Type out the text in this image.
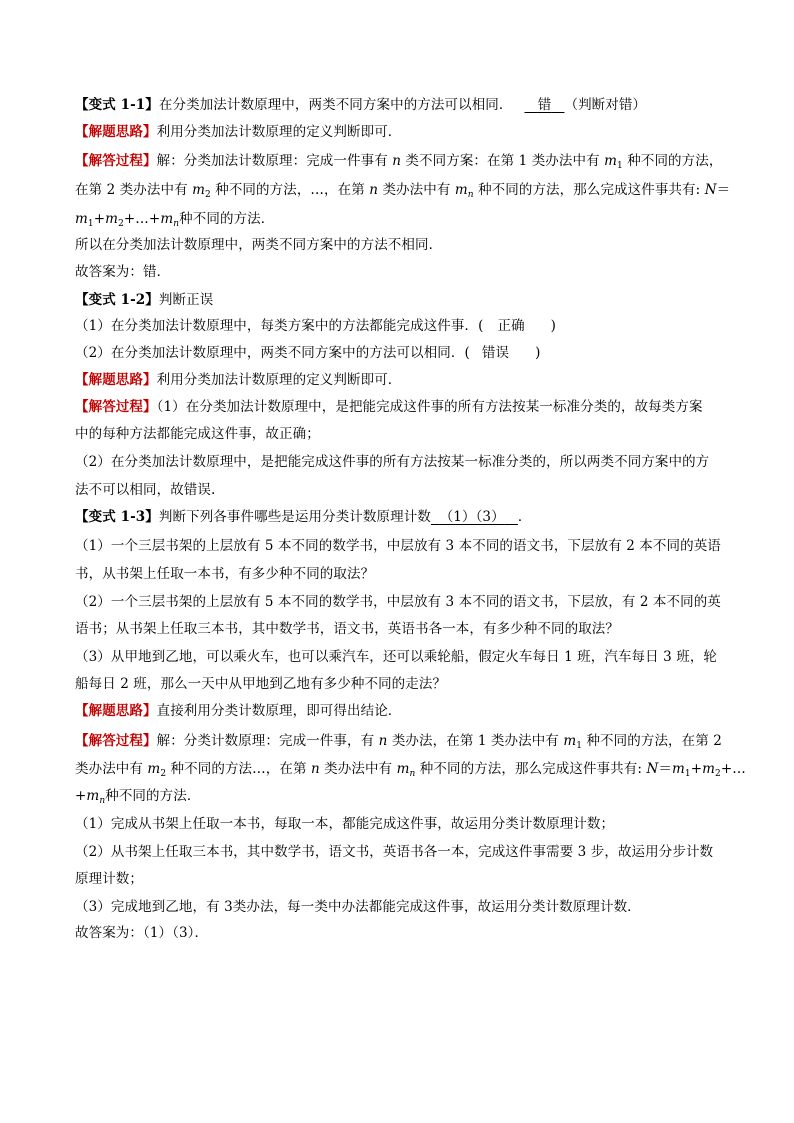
【变式 1-1】在分类加法计数原理中，两类不同方案中的方法可以相同． 错 （判断对错）
【解题思路】利用分类加法计数原理的定义判断即可．
【解答过程】解：分类加法计数原理：完成一件事有 n 类不同方案：在第 1 类办法中有 $m_1$ 种不同的方法，
在第 2 类办法中有 $m_2$ 种不同的方法，…，在第 n 类办法中有 $m_n$ 种不同的方法，那么完成这件事共有: N＝
$m_1+m_2+\dots+m_n$种不同的方法．
所以在分类加法计数原理中，两类不同方案中的方法不相同．
故答案为：错．
【变式 1-2】判断正误
（1）在分类加法计数原理中，每类方案中的方法都能完成这件事．( 正确 )
（2）在分类加法计数原理中，两类不同方案中的方法可以相同．( 错误 )
【解题思路】利用分类加法计数原理的定义判断即可．
【解答过程】（1）在分类加法计数原理中，是把能完成这件事的所有方法按某一标准分类的，故每类方案
中的每种方法都能完成这件事，故正确；
（2）在分类加法计数原理中，是把能完成这件事的所有方法按某一标准分类的，所以两类不同方案中的方
法不可以相同，故错误.
【变式 1-3】判断下列各事件哪些是运用分类计数原理计数 （1）（3） ．
（1）一个三层书架的上层放有 5 本不同的数学书，中层放有 3 本不同的语文书，下层放有 2 本不同的英语
书，从书架上任取一本书，有多少种不同的取法？
（2）一个三层书架的上层放有 5 本不同的数学书，中层放有 3 本不同的语文书，下层放，有 2 本不同的英
语书；从书架上任取三本书，其中数学书，语文书，英语书各一本，有多少种不同的取法？
（3）从甲地到乙地，可以乘火车，也可以乘汽车，还可以乘轮船，假定火车每日 1 班，汽车每日 3 班，轮
船每日 2 班，那么一天中从甲地到乙地有多少种不同的走法？
【解题思路】直接利用分类计数原理，即可得出结论．
【解答过程】解：分类计数原理：完成一件事，有 n 类办法，在第 1 类办法中有 $m_1$ 种不同的方法，在第 2
类办法中有 $m_2$ 种不同的方法…，在第 n 类办法中有 $m_n$ 种不同的方法，那么完成这件事共有: $N=m_1+m_2+\dots$
$+m_n$种不同的方法．
（1）完成从书架上任取一本书，每取一本，都能完成这件事，故运用分类计数原理计数；
（2）从书架上任取三本书，其中数学书，语文书，英语书各一本，完成这件事需要 3 步，故运用分步计数
原理计数；
（3）完成地到乙地，有 3类办法，每一类中办法都能完成这件事，故运用分类计数原理计数．
故答案为：（1）（3）．
